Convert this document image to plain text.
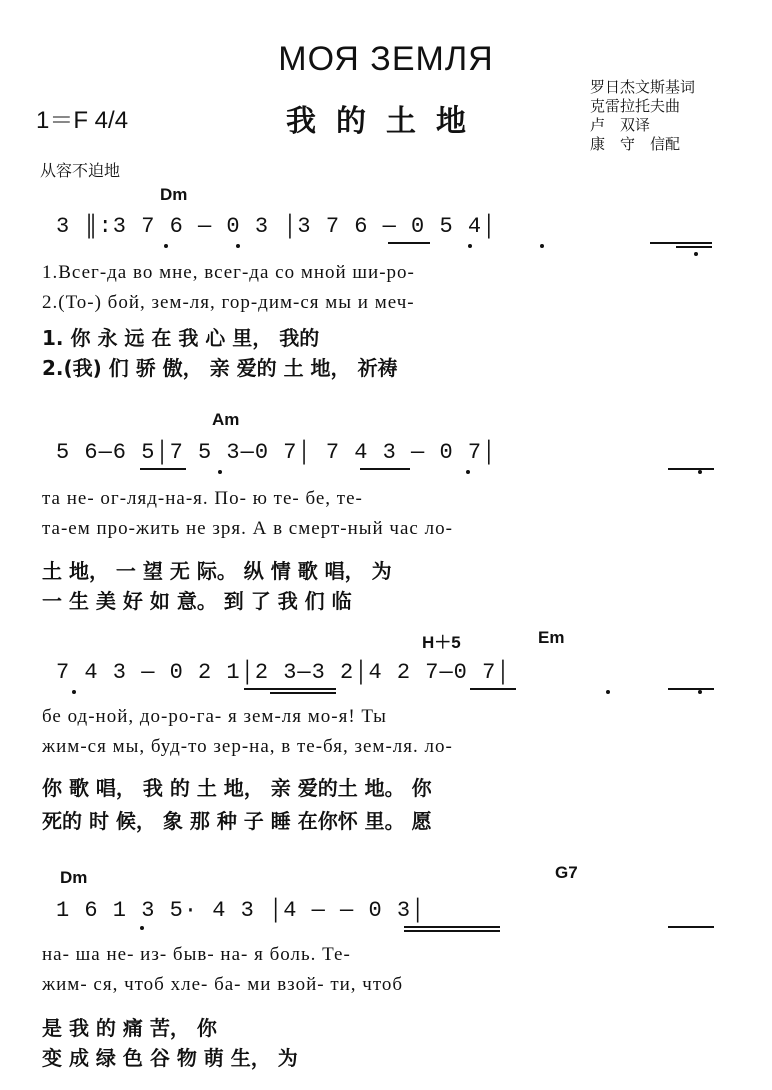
МОЯ ЗЕМЛЯ
我的土地
1＝F 4/4
罗日杰文斯基词
克雷拉托夫曲
卢　双译
康　守　信配
从容不迫地
Dm
3 ║:3 7 6 — 0 3 │3 7 6 — 0 5 4│
1.Всег-да во мне, всег-да со мной ши-ро-
2.(То-) бой, зем-ля, гор-дим-ся мы и меч-
1. 你 永 远 在 我 心 里， 我的
2.(我) 们 骄 傲， 亲 爱的 土 地， 祈祷
Am
5 6—6 5│7 5 3—0 7│ 7 4 3 — 0 7│
та не- ог-ляд-на-я. По- ю те- бе, те-
та-ем про-жить не зря. А в смерт-ный час ло-
土 地， 一 望 无 际。 纵 情 歌 唱， 为
一 生 美 好 如 意。 到 了 我 们 临
H＋5	Em
7 4 3 — 0 2 1│2 3—3 2│4 2 7—0 7│
бе од-ной, до-ро-га- я зем-ля мо-я! Ты
жим-ся мы, буд-то зер-на, в те-бя, зем-ля. ло-
你 歌 唱， 我 的 土 地， 亲 爱的土 地。 你
死的 时 候， 象 那 种 子 睡 在你怀 里。 愿
Dm	G7
1 6 1 3 5· 4 3 │4 — — 0 3│
на- ша не- из- быв- на- я боль. Те-
жим- ся, чтоб хле- ба- ми взой- ти, чтоб
是 我 的 痛 苦， 你
变 成 绿 色 谷 物 萌 生， 为
